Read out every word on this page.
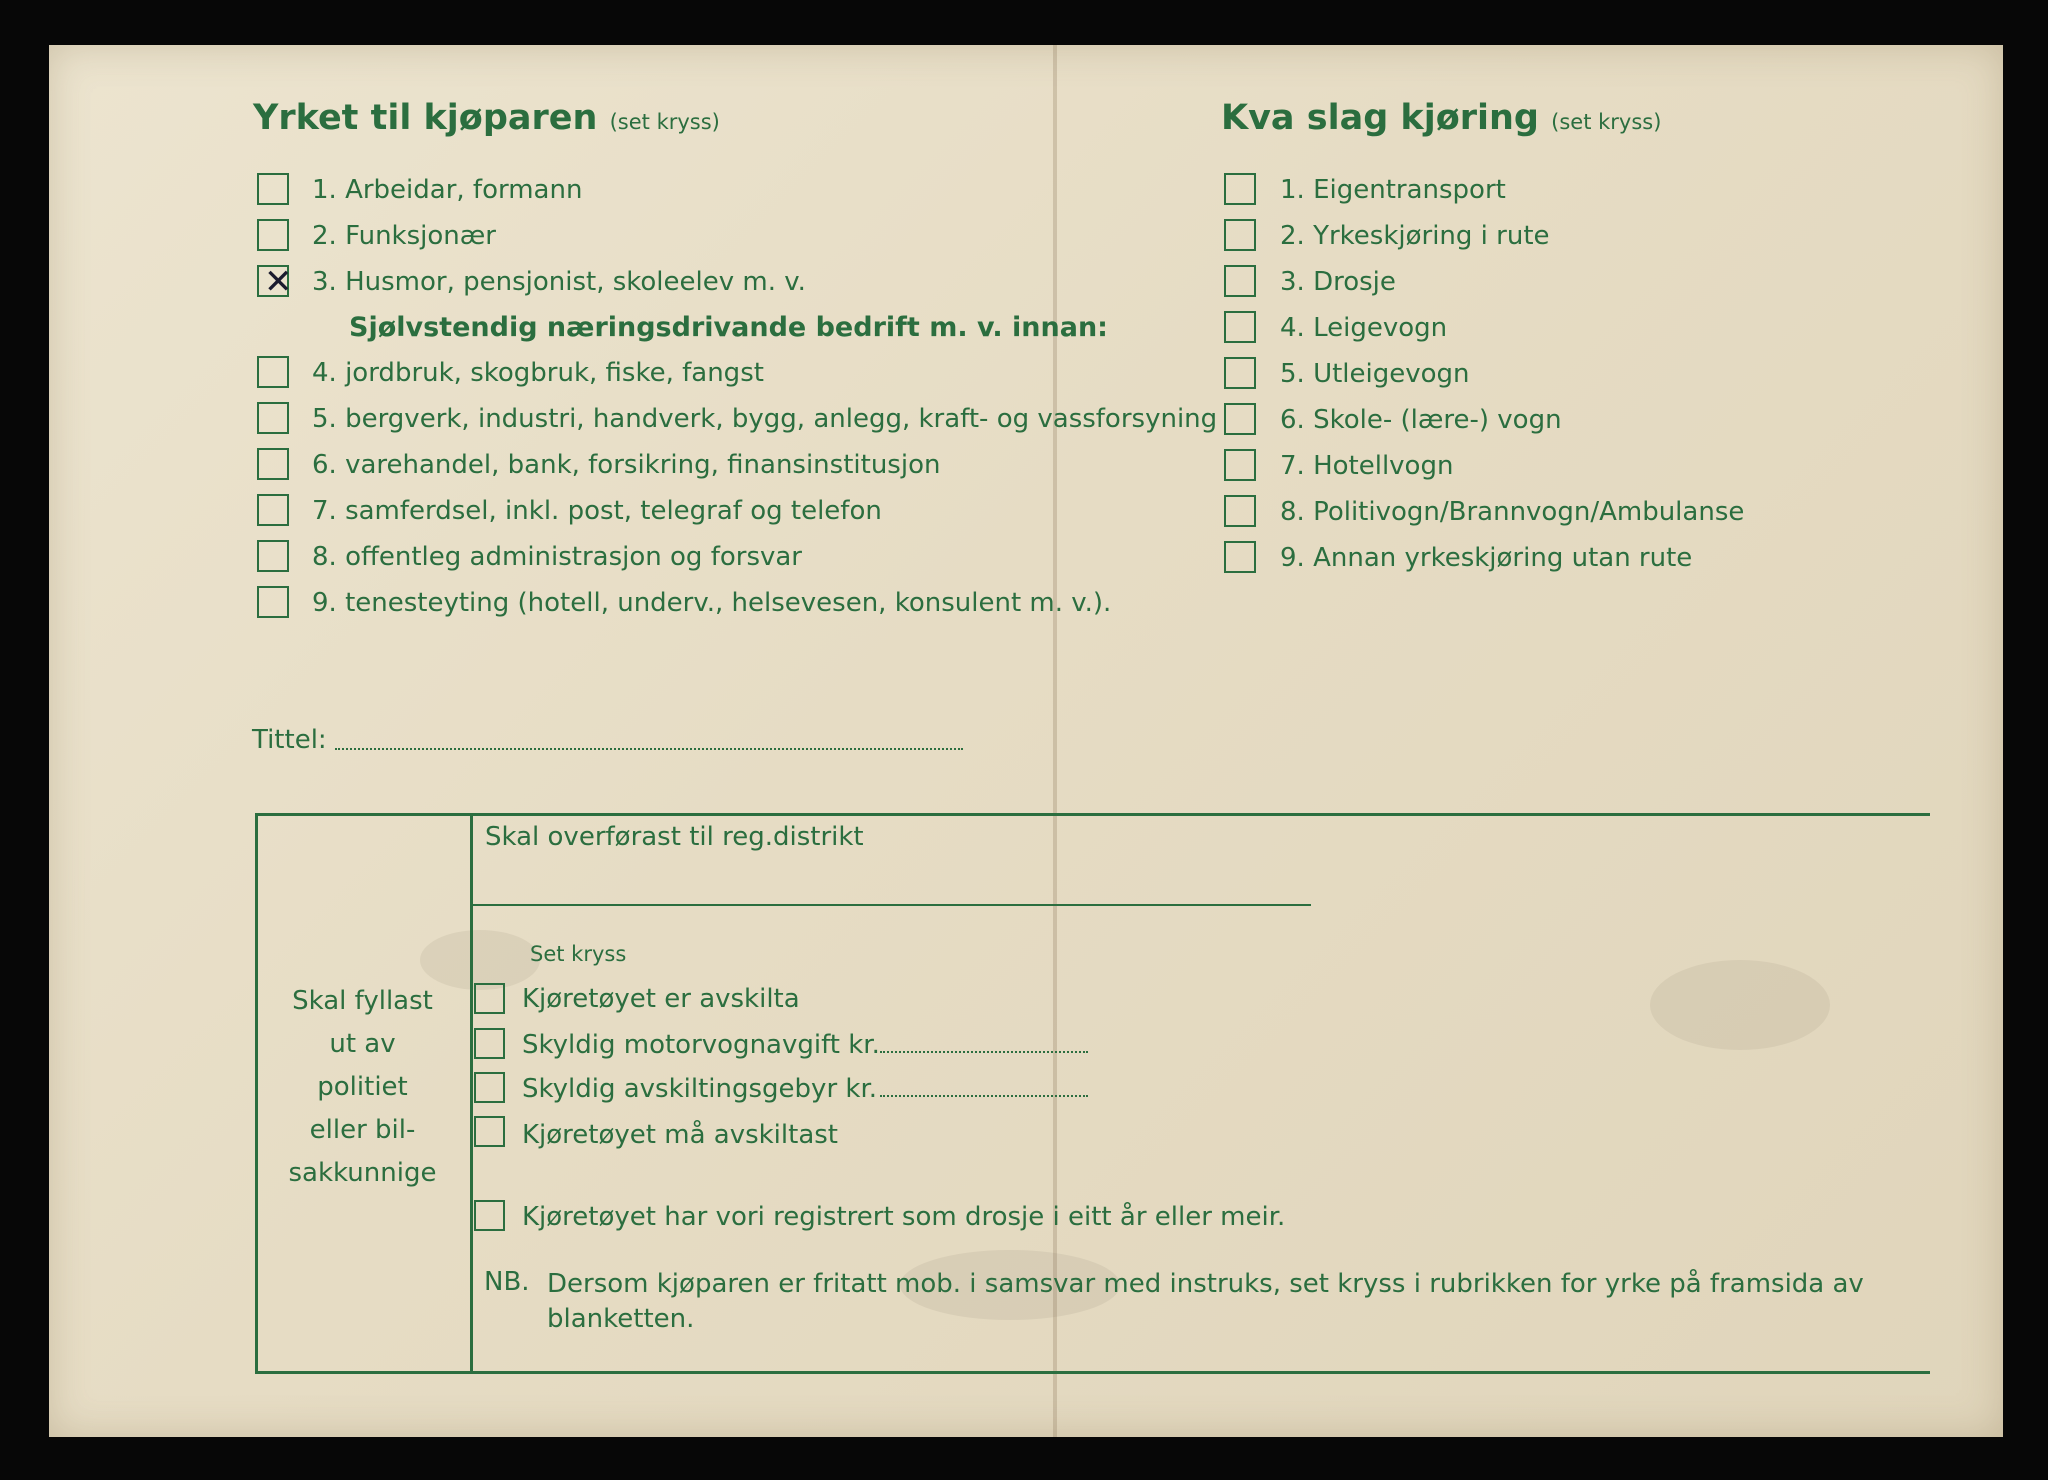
Yrket til kjøparen (set kryss)
1. Arbeidar, formann
2. Funksjonær
✕ 3. Husmor, pensjonist, skoleelev m. v.
Sjølvstendig næringsdrivande bedrift m. v. innan:
4. jordbruk, skogbruk, fiske, fangst
5. bergverk, industri, handverk, bygg, anlegg, kraft- og vassforsyning
6. varehandel, bank, forsikring, finansinstitusjon
7. samferdsel, inkl. post, telegraf og telefon
8. offentleg administrasjon og forsvar
9. tenesteyting (hotell, underv., helsevesen, konsulent m. v.).
Kva slag kjøring (set kryss)
1. Eigentransport
2. Yrkeskjøring i rute
3. Drosje
4. Leigevogn
5. Utleigevogn
6. Skole- (lære-) vogn
7. Hotellvogn
8. Politivogn/Brannvogn/Ambulanse
9. Annan yrkeskjøring utan rute
Tittel:
Skal fyllast ut av politiet eller bil-sakkunnige
Skal overførast til reg.distrikt
Set kryss
Kjøretøyet er avskilta
Skyldig motorvognavgift kr.
Skyldig avskiltingsgebyr kr.
Kjøretøyet må avskiltast
Kjøretøyet har vori registrert som drosje i eitt år eller meir.
NB. Dersom kjøparen er fritatt mob. i samsvar med instruks, set kryss i rubrikken for yrke på framsida av blanketten.
